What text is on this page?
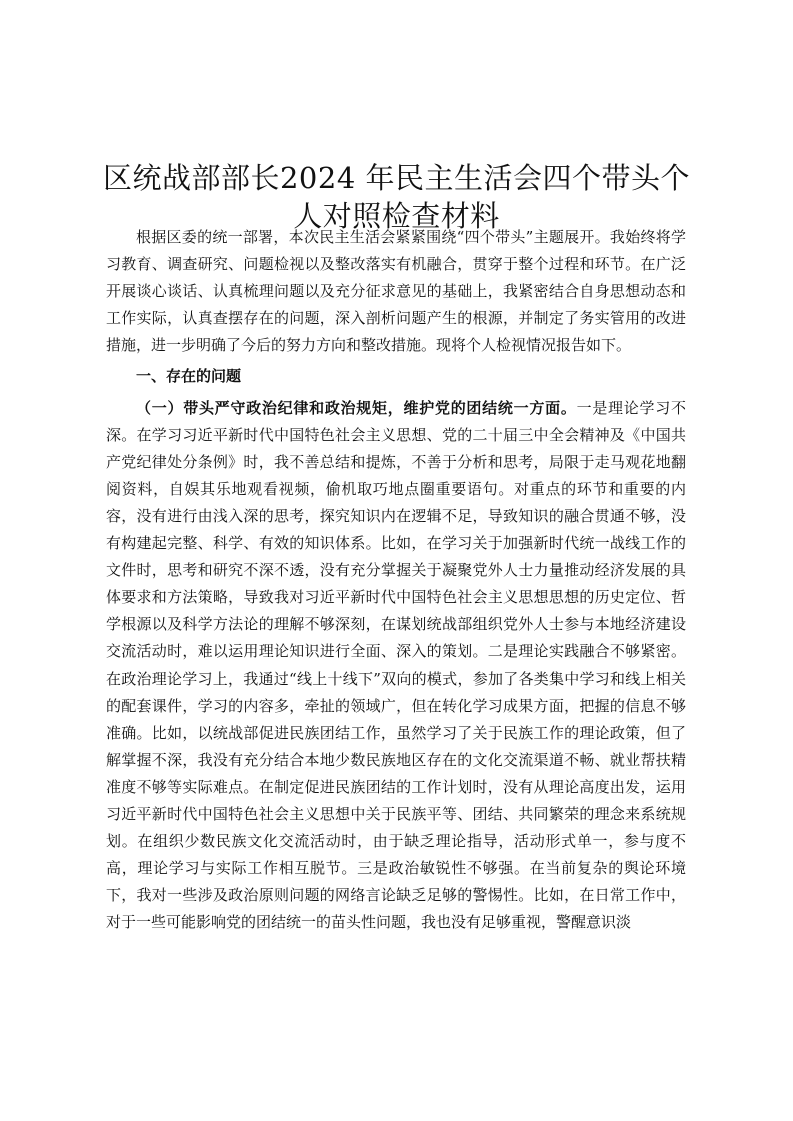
区统战部部长2024 年民主生活会四个带头个人对照检查材料

根据区委的统一部署，本次民主生活会紧紧围绕“四个带头”主题展开。我始终将学习教育、调查研究、问题检视以及整改落实有机融合，贯穿于整个过程和环节。在广泛开展谈心谈话、认真梳理问题以及充分征求意见的基础上，我紧密结合自身思想动态和工作实际，认真查摆存在的问题，深入剖析问题产生的根源，并制定了务实管用的改进措施，进一步明确了今后的努力方向和整改措施。现将个人检视情况报告如下。

一、存在的问题

（一）带头严守政治纪律和政治规矩，维护党的团结统一方面。一是理论学习不深。在学习习近平新时代中国特色社会主义思想、党的二十届三中全会精神及《中国共产党纪律处分条例》时，我不善总结和提炼，不善于分析和思考，局限于走马观花地翻阅资料，自娱其乐地观看视频，偷机取巧地点圈重要语句。对重点的环节和重要的内容，没有进行由浅入深的思考，探究知识内在逻辑不足，导致知识的融合贯通不够，没有构建起完整、科学、有效的知识体系。比如，在学习关于加强新时代统一战线工作的文件时，思考和研究不深不透，没有充分掌握关于凝聚党外人士力量推动经济发展的具体要求和方法策略，导致我对习近平新时代中国特色社会主义思想思想的历史定位、哲学根源以及科学方法论的理解不够深刻，在谋划统战部组织党外人士参与本地经济建设交流活动时，难以运用理论知识进行全面、深入的策划。二是理论实践融合不够紧密。在政治理论学习上，我通过“线上十线下”双向的模式，参加了各类集中学习和线上相关的配套课件，学习的内容多，牵扯的领域广，但在转化学习成果方面，把握的信息不够准确。比如，以统战部促进民族团结工作，虽然学习了关于民族工作的理论政策，但了解掌握不深，我没有充分结合本地少数民族地区存在的文化交流渠道不畅、就业帮扶精准度不够等实际难点。在制定促进民族团结的工作计划时，没有从理论高度出发，运用习近平新时代中国特色社会主义思想中关于民族平等、团结、共同繁荣的理念来系统规划。在组织少数民族文化交流活动时，由于缺乏理论指导，活动形式单一，参与度不高，理论学习与实际工作相互脱节。三是政治敏锐性不够强。在当前复杂的舆论环境下，我对一些涉及政治原则问题的网络言论缺乏足够的警惕性。比如，在日常工作中，对于一些可能影响党的团结统一的苗头性问题，我也没有足够重视，警醒意识淡
